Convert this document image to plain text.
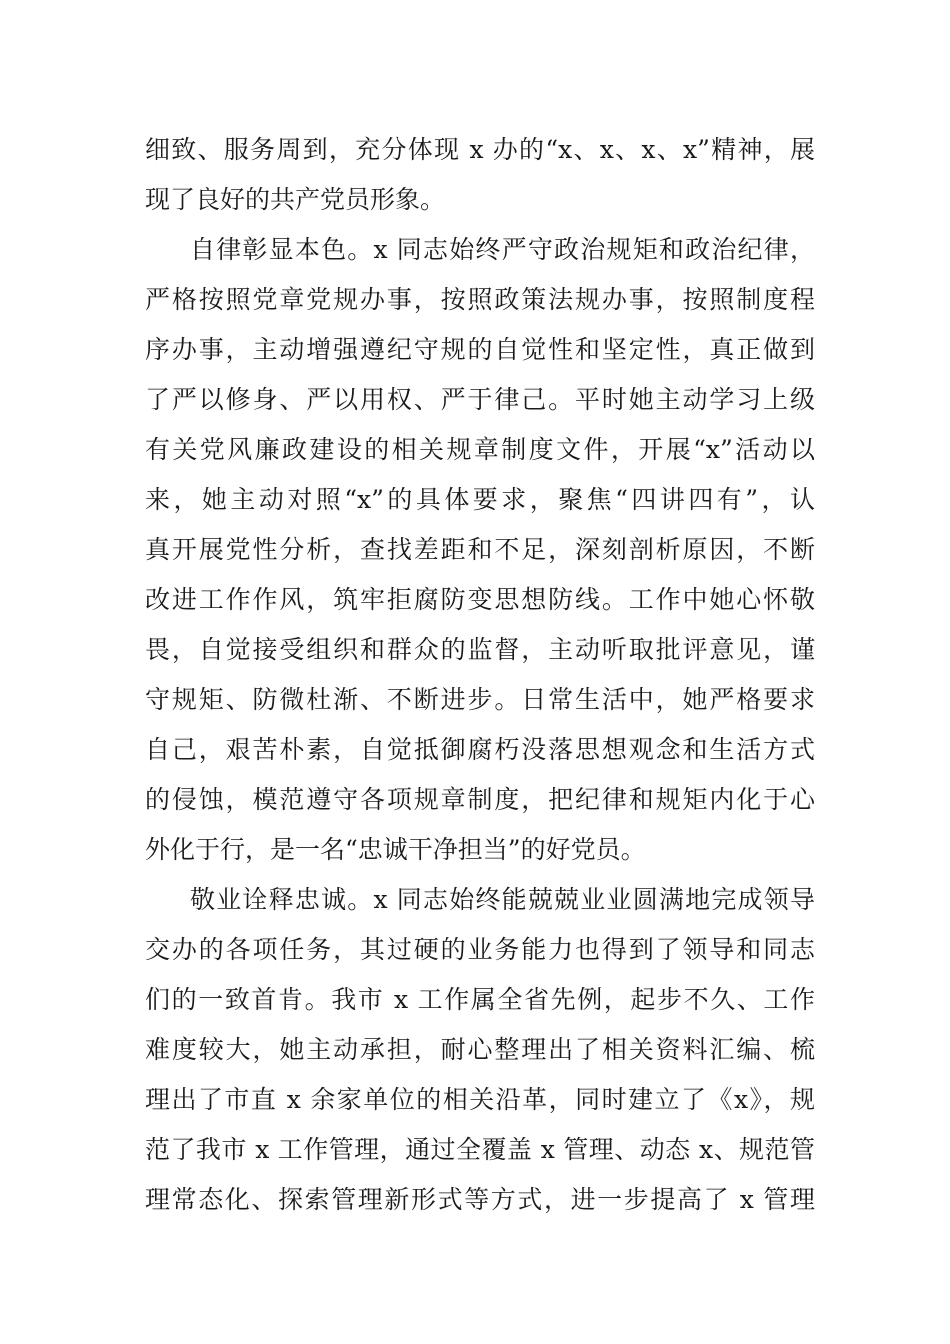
细致、服务周到，充分体现 x 办的“x、x、x、x”精神，展
现了良好的共产党员形象。
自律彰显本色。x 同志始终严守政治规矩和政治纪律，
严格按照党章党规办事，按照政策法规办事，按照制度程
序办事，主动增强遵纪守规的自觉性和坚定性，真正做到
了严以修身、严以用权、严于律己。平时她主动学习上级
有关党风廉政建设的相关规章制度文件，开展“x”活动以
来，她主动对照“x”的具体要求，聚焦“四讲四有”，认
真开展党性分析，查找差距和不足，深刻剖析原因，不断
改进工作作风，筑牢拒腐防变思想防线。工作中她心怀敬
畏，自觉接受组织和群众的监督，主动听取批评意见，谨
守规矩、防微杜渐、不断进步。日常生活中，她严格要求
自己，艰苦朴素，自觉抵御腐朽没落思想观念和生活方式
的侵蚀，模范遵守各项规章制度，把纪律和规矩内化于心
外化于行，是一名“忠诚干净担当”的好党员。
敬业诠释忠诚。x 同志始终能兢兢业业圆满地完成领导
交办的各项任务，其过硬的业务能力也得到了领导和同志
们的一致首肯。我市 x 工作属全省先例，起步不久、工作
难度较大，她主动承担，耐心整理出了相关资料汇编、梳
理出了市直 x 余家单位的相关沿革，同时建立了《x》，规
范了我市 x 工作管理，通过全覆盖 x 管理、动态 x、规范管
理常态化、探索管理新形式等方式，进一步提高了 x 管理
